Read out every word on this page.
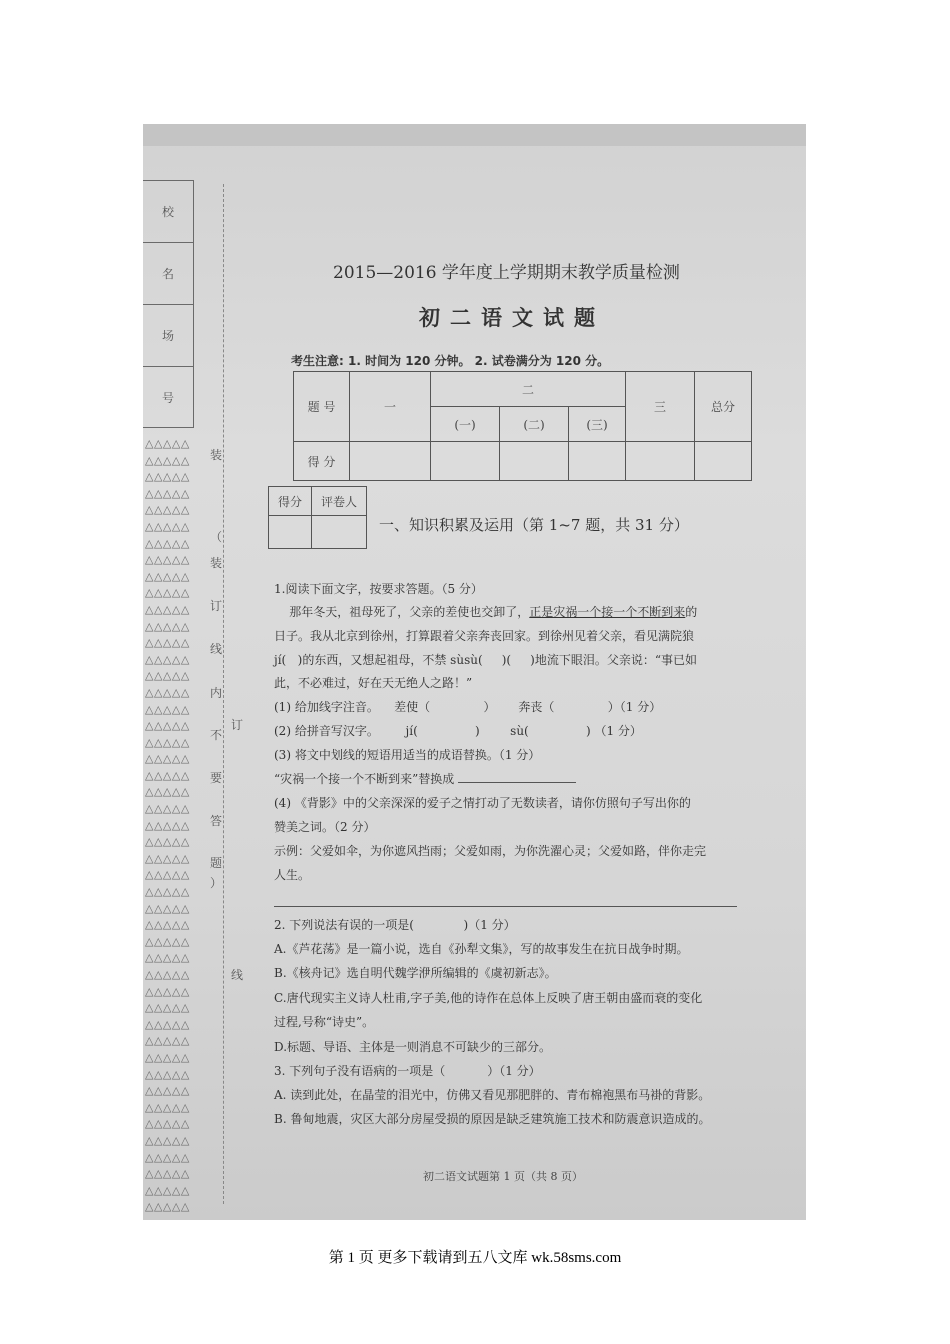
校
名
场
号
△△△△△
△△△△△
△△△△△
△△△△△
△△△△△
△△△△△
△△△△△
△△△△△
△△△△△
△△△△△
△△△△△
△△△△△
△△△△△
△△△△△
△△△△△
△△△△△
△△△△△
△△△△△
△△△△△
△△△△△
△△△△△
△△△△△
△△△△△
△△△△△
△△△△△
△△△△△
△△△△△
△△△△△
△△△△△
△△△△△
△△△△△
△△△△△
△△△△△
△△△△△
△△△△△
△△△△△
△△△△△
△△△△△
△△△△△
△△△△△
△△△△△
△△△△△
△△△△△
△△△△△
△△△△△
△△△△△
△△△△△
装
（
装
订
线
内
不
要
答
题
）
订
线
2015—2016 学年度上学期期末教学质量检测
初二语文试题
考生注意: 1. 时间为 120 分钟。 2. 试卷满分为 120 分。
题 号	一	二			三	总分
		(一)	(二)	(三)		
得 分						
得分	评卷人

一、知识积累及运用（第 1~7 题，共 31 分）
1.阅读下面文字，按要求答题。（5 分）
那年冬天，祖母死了，父亲的差使也交卸了，正是灾祸一个接一个不断到来的
日子。我从北京到徐州，打算跟着父亲奔丧回家。到徐州见着父亲，看见满院狼
jí(   )的东西，又想起祖母，不禁 sùsù(     )(     )地流下眼泪。父亲说：“事已如
此，不必难过，好在天无绝人之路！”
(1) 给加线字注音。    差使（              ）      奔丧（              ）（1 分）
(2) 给拼音写汉字。       jí(               )        sù(               ) （1 分）
(3) 将文中划线的短语用适当的成语替换。（1 分）
“灾祸一个接一个不断到来”替换成
(4) 《背影》中的父亲深深的爱子之情打动了无数读者，请你仿照句子写出你的
赞美之词。（2 分）
示例：父爱如伞，为你遮风挡雨；父爱如雨，为你洗濯心灵；父爱如路，伴你走完
人生。
2. 下列说法有误的一项是(             )（1 分）
A.《芦花荡》是一篇小说，选自《孙犁文集》，写的故事发生在抗日战争时期。
B.《核舟记》选自明代魏学洢所编辑的《虞初新志》。
C.唐代现实主义诗人杜甫,字子美,他的诗作在总体上反映了唐王朝由盛而衰的变化
过程,号称“诗史”。
D.标题、导语、主体是一则消息不可缺少的三部分。
3. 下列句子没有语病的一项是（           ）（1 分）
A. 读到此处，在晶莹的泪光中，仿佛又看见那肥胖的、青布棉袍黑布马褂的背影。
B. 鲁甸地震，灾区大部分房屋受损的原因是缺乏建筑施工技术和防震意识造成的。
初二语文试题第 1 页（共 8 页）
第 1 页 更多下载请到五八文库 wk.58sms.com
